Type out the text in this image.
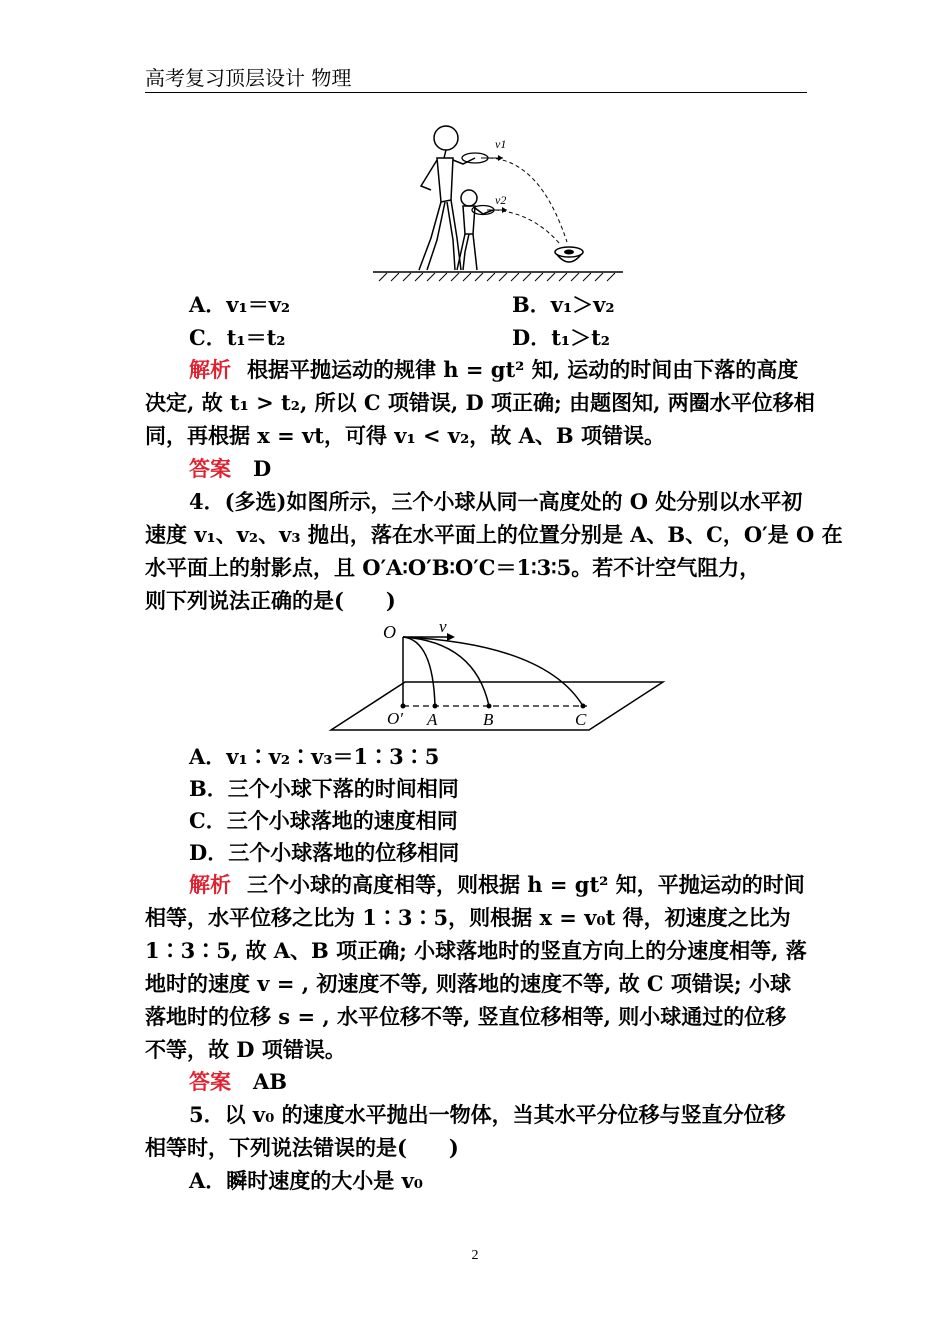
高考复习顶层设计 物理
v1
v2
A．v₁＝v₂	B．v₁＞v₂
C．t₁＝t₂	D．t₁＞t₂
解析 根据平抛运动的规律 h = gt² 知, 运动的时间由下落的高度
决定, 故 t₁ > t₂, 所以 C 项错误, D 项正确; 由题图知, 两圈水平位移相
同，再根据 x = vt，可得 v₁ < v₂，故 A、B 项错误。
答案 D
4．(多选)如图所示，三个小球从同一高度处的 O 处分别以水平初
速度 v₁、v₂、v₃ 抛出，落在水平面上的位置分别是 A、B、C，O′是 O 在
水平面上的射影点，且 O′A∶O′B∶O′C＝1∶3∶5。若不计空气阻力，
则下列说法正确的是(　　)
O	v
O′ A	B	C
A．v₁∶v₂∶v₃＝1∶3∶5
B．三个小球下落的时间相同
C．三个小球落地的速度相同
D．三个小球落地的位移相同
解析 三个小球的高度相等，则根据 h = gt² 知，平抛运动的时间
相等，水平位移之比为 1∶3∶5，则根据 x = v₀t 得，初速度之比为
1∶3∶5, 故 A、B 项正确; 小球落地时的竖直方向上的分速度相等, 落
地时的速度 v = , 初速度不等, 则落地的速度不等, 故 C 项错误; 小球
落地时的位移 s = , 水平位移不等, 竖直位移相等, 则小球通过的位移
不等，故 D 项错误。
答案 AB
5．以 v₀ 的速度水平抛出一物体，当其水平分位移与竖直分位移
相等时，下列说法错误的是(　　)
A．瞬时速度的大小是 v₀
2
